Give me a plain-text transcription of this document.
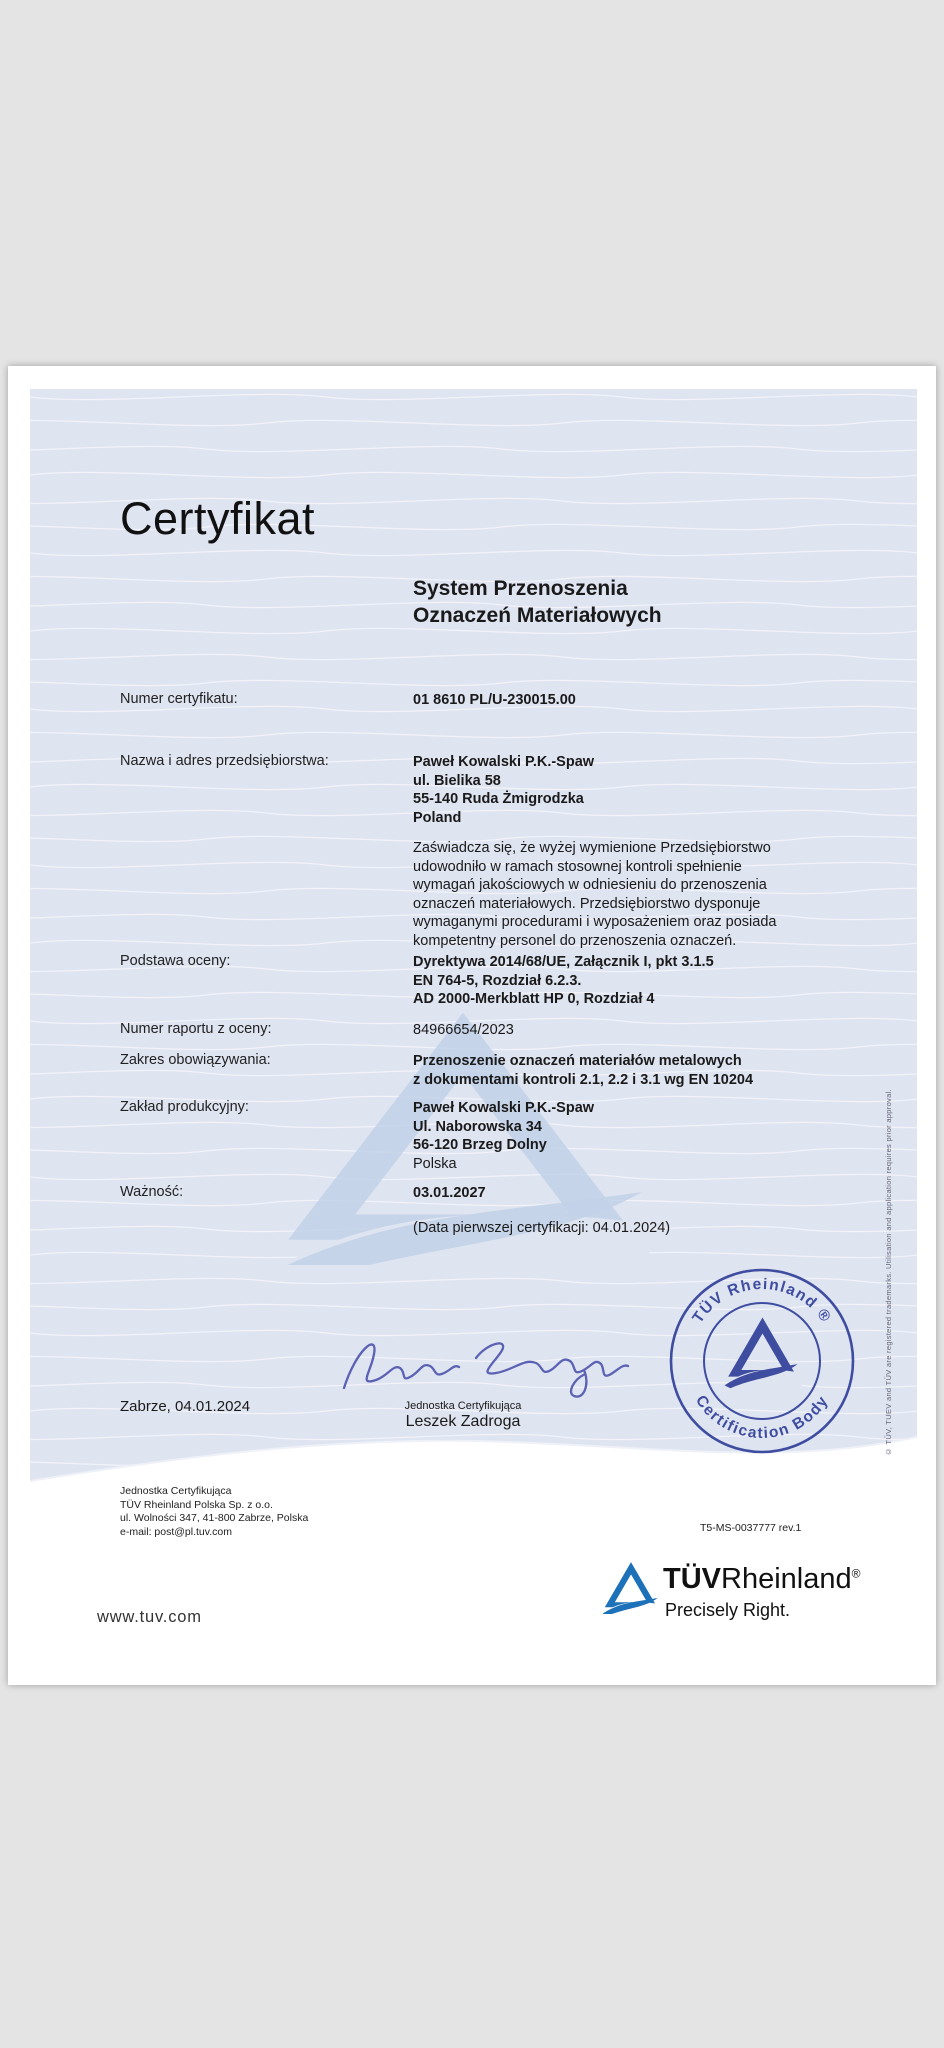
Certyfikat
System Przenoszenia
Oznaczeń Materiałowych
Numer certyfikatu:	01 8610 PL/U-230015.00
Nazwa i adres przedsiębiorstwa:	Paweł Kowalski P.K.-Spaw
ul. Bielika 58
55-140 Ruda Żmigrodzka
Poland
Zaświadcza się, że wyżej wymienione Przedsiębiorstwo
udowodniło w ramach stosownej kontroli spełnienie
wymagań jakościowych w odniesieniu do przenoszenia
oznaczeń materiałowych. Przedsiębiorstwo dysponuje
wymaganymi procedurami i wyposażeniem oraz posiada
kompetentny personel do przenoszenia oznaczeń.
Podstawa oceny:	Dyrektywa 2014/68/UE, Załącznik I, pkt 3.1.5
EN 764-5, Rozdział 6.2.3.
AD 2000-Merkblatt HP 0, Rozdział 4
Numer raportu z oceny:	84966654/2023
Zakres obowiązywania:	Przenoszenie oznaczeń materiałów metalowych
z dokumentami kontroli 2.1, 2.2 i 3.1 wg EN 10204
Zakład produkcyjny:	Paweł Kowalski P.K.-Spaw
Ul. Naborowska 34
56-120 Brzeg Dolny
Polska
Ważność:	03.01.2027
(Data pierwszej certyfikacji: 04.01.2024)
Jednostka Certyfikująca
Leszek Zadroga
Zabrze, 04.01.2024
TÜV Rheinland ®
Certification Body	© TÜV, TUEV and TÜV are registered trademarks. Utilisation and application requires prior approval.
Jednostka Certyfikująca
TÜV Rheinland Polska Sp. z o.o.
ul. Wolności 347, 41-800 Zabrze, Polska
e-mail: post@pl.tuv.com	T5-MS-0037777 rev.1
TÜVRheinland®
Precisely Right.
www.tuv.com
